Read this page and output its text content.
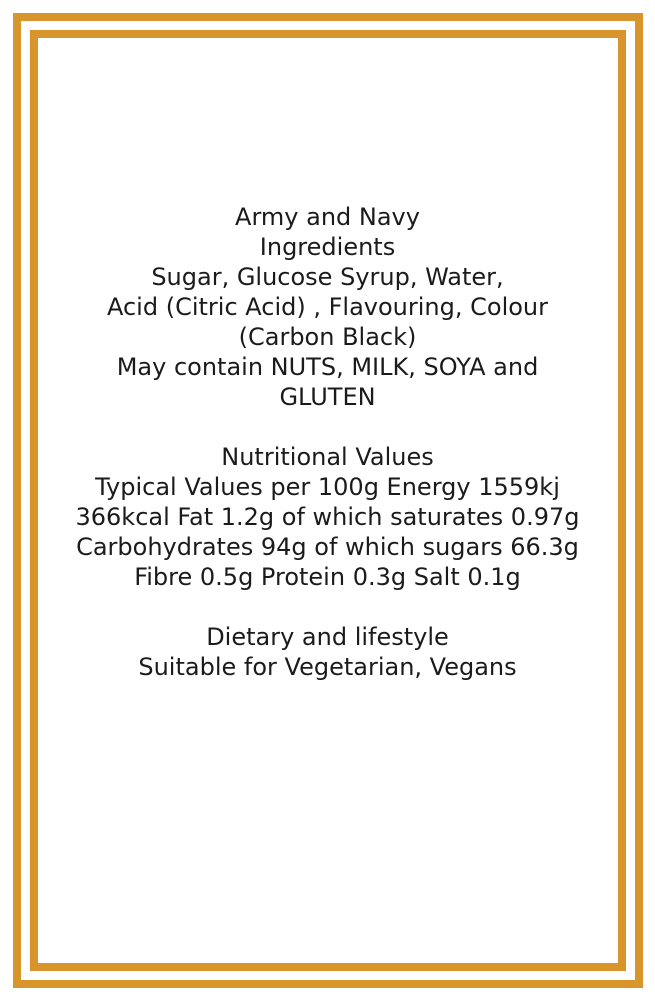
Army and Navy
Ingredients
Sugar, Glucose Syrup, Water,
Acid (Citric Acid) , Flavouring, Colour
(Carbon Black)
May contain NUTS, MILK, SOYA and
GLUTEN
Nutritional Values
Typical Values per 100g Energy 1559kj
366kcal Fat 1.2g of which saturates 0.97g
Carbohydrates 94g of which sugars 66.3g
Fibre 0.5g Protein 0.3g Salt 0.1g
Dietary and lifestyle
Suitable for Vegetarian, Vegans
